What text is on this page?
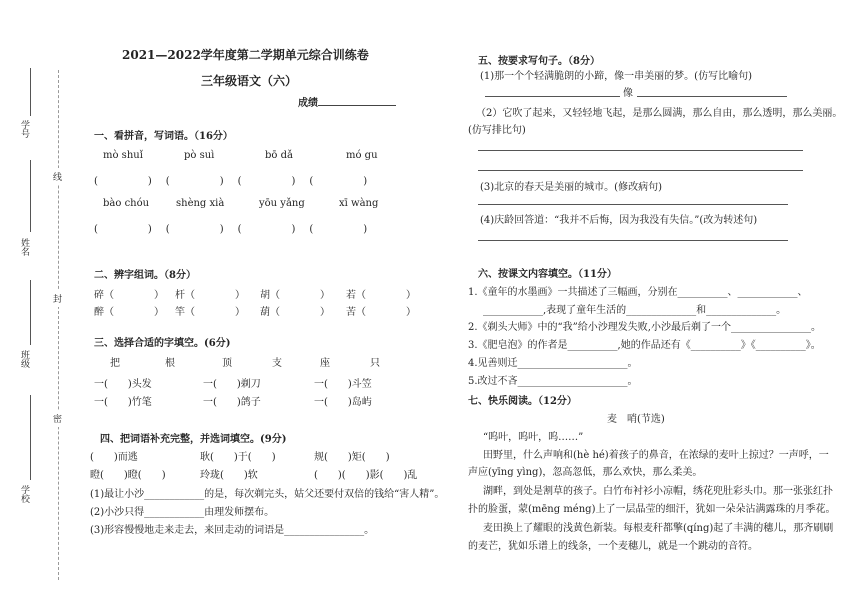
学校
班级
姓名
学号
线
封
密
2021—2022学年度第二学期单元综合训练卷
三年级语文（六）
成绩
一、看拼音，写词语。（16分）
mò shuǐ	pò suì	bō dǎ	mó gu
(　　　　)　(　　　　)　(　　　　)　(　　　　)
bào chóu	shèng xià	yōu yǎng	xī wàng
(　　　　)　(　　　　)　(　　　　)　(　　　　)
二、辨字组词。（8分）
碎（　　　　） 杆（　　　　） 胡（　　　　） 若（　　　　）
醉（　　　　） 竿（　　　　） 葫（　　　　） 苦（　　　　）
三、选择合适的字填空。(6分)
把	根	顶	支	座	只
一(　　)头发	一(　　)剃刀	一(　　)斗笠
一(　　)竹笔	一(　　)鸽子	一(　　)岛屿
四、把词语补充完整，并选词填空。(9分)
(　　)而逃	耿(　　)于(　　)	规(　　)矩(　　)
瞪(　　)瞪(　　)	玲珑(　　)软	(　　)(　　)影(　　)乱
(1)最让小沙____________的是，每次剃完头，姑父还要付双倍的钱给“害人精”。
(2)小沙只得____________由理发师摆布。
(3)形容慢慢地走来走去，来回走动的词语是________________。
五、按要求写句子。（8分）
(1)那一个个轻满脆朗的小蹄，像一串美丽的梦。(仿写比喻句)
像
（2）它吹了起来，又轻轻地飞起，是那么圆满，那么自由，那么透明，那么美丽。
(仿写排比句)
(3)北京的春天是美丽的城市。(修改病句)
(4)庆龄回答道：“我并不后悔，因为我没有失信。”(改为转述句)
六、按课文内容填空。（11分）
1.《童年的水墨画》一共描述了三幅画，分别在__________、____________、
____________,表现了童年生活的______________和______________。
2.《剃头大师》中的“我”给小沙理发失败,小沙最后剃了一个________________。
3.《肥皂泡》的作者是__________,她的作品还有《__________》《__________》。
4.见善则迁______________________。
5.改过不吝______________________。
七、快乐阅读。（12分）
麦　哨(节选)
“呜叶，呜叶，呜……”
田野里，什么声响和(hè hé)着孩子的鼻音，在浓绿的麦叶上掠过？一声呼，一
声应(yīng yìng)，忽高忽低，那么欢快，那么柔美。
湖畔，到处是割草的孩子。白竹布衬衫小凉帽，绣花兜肚彩头巾。那一张张红扑
扑的脸蛋，蒙(mēng méng)上了一层晶莹的细汗，犹如一朵朵沾满露珠的月季花。
麦田换上了耀眼的浅黄色新装。每根麦秆都擎(qíng)起了丰满的穗儿，那齐刷刷
的麦芒，犹如乐谱上的线条，一个麦穗儿，就是一个跳动的音符。
